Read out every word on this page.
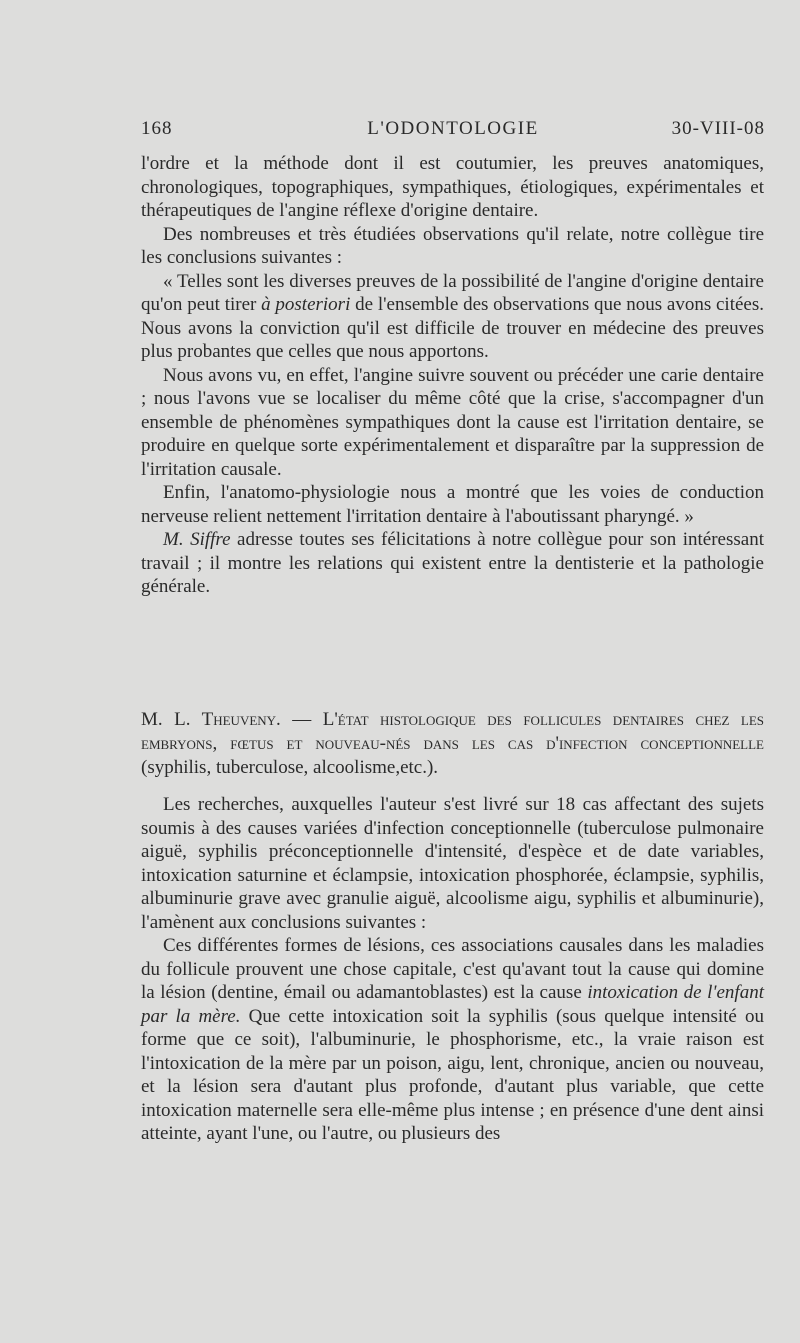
168	L'ODONTOLOGIE	30-VIII-08

l'ordre et la méthode dont il est coutumier, les preuves anatomiques, chronologiques, topographiques, sympathiques, étiologiques, expérimentales et thérapeutiques de l'angine réflexe d'origine dentaire.

Des nombreuses et très étudiées observations qu'il relate, notre collègue tire les conclusions suivantes :

« Telles sont les diverses preuves de la possibilité de l'angine d'origine dentaire qu'on peut tirer à posteriori de l'ensemble des observations que nous avons citées. Nous avons la conviction qu'il est difficile de trouver en médecine des preuves plus probantes que celles que nous apportons.

Nous avons vu, en effet, l'angine suivre souvent ou précéder une carie dentaire ; nous l'avons vue se localiser du même côté que la crise, s'accompagner d'un ensemble de phénomènes sympathiques dont la cause est l'irritation dentaire, se produire en quelque sorte expérimentalement et disparaître par la suppression de l'irritation causale.

Enfin, l'anatomo-physiologie nous a montré que les voies de conduction nerveuse relient nettement l'irritation dentaire à l'aboutissant pharyngé. »

M. Siffre adresse toutes ses félicitations à notre collègue pour son intéressant travail ; il montre les relations qui existent entre la dentisterie et la pathologie générale.

M. L. Theuveny. — L'état histologique des follicules dentaires chez les embryons, fœtus et nouveau-nés dans les cas d'infection conceptionnelle (syphilis, tuberculose, alcoolisme,etc.).

Les recherches, auxquelles l'auteur s'est livré sur 18 cas affectant des sujets soumis à des causes variées d'infection conceptionnelle (tuberculose pulmonaire aiguë, syphilis préconceptionnelle d'intensité, d'espèce et de date variables, intoxication saturnine et éclampsie, intoxication phosphorée, éclampsie, syphilis, albuminurie grave avec granulie aiguë, alcoolisme aigu, syphilis et albuminurie), l'amènent aux conclusions suivantes :

Ces différentes formes de lésions, ces associations causales dans les maladies du follicule prouvent une chose capitale, c'est qu'avant tout la cause qui domine la lésion (dentine, émail ou adamantoblastes) est la cause intoxication de l'enfant par la mère. Que cette intoxication soit la syphilis (sous quelque intensité ou forme que ce soit), l'albuminurie, le phosphorisme, etc., la vraie raison est l'intoxication de la mère par un poison, aigu, lent, chronique, ancien ou nouveau, et la lésion sera d'autant plus profonde, d'autant plus variable, que cette intoxication maternelle sera elle-même plus intense ; en présence d'une dent ainsi atteinte, ayant l'une, ou l'autre, ou plusieurs des
